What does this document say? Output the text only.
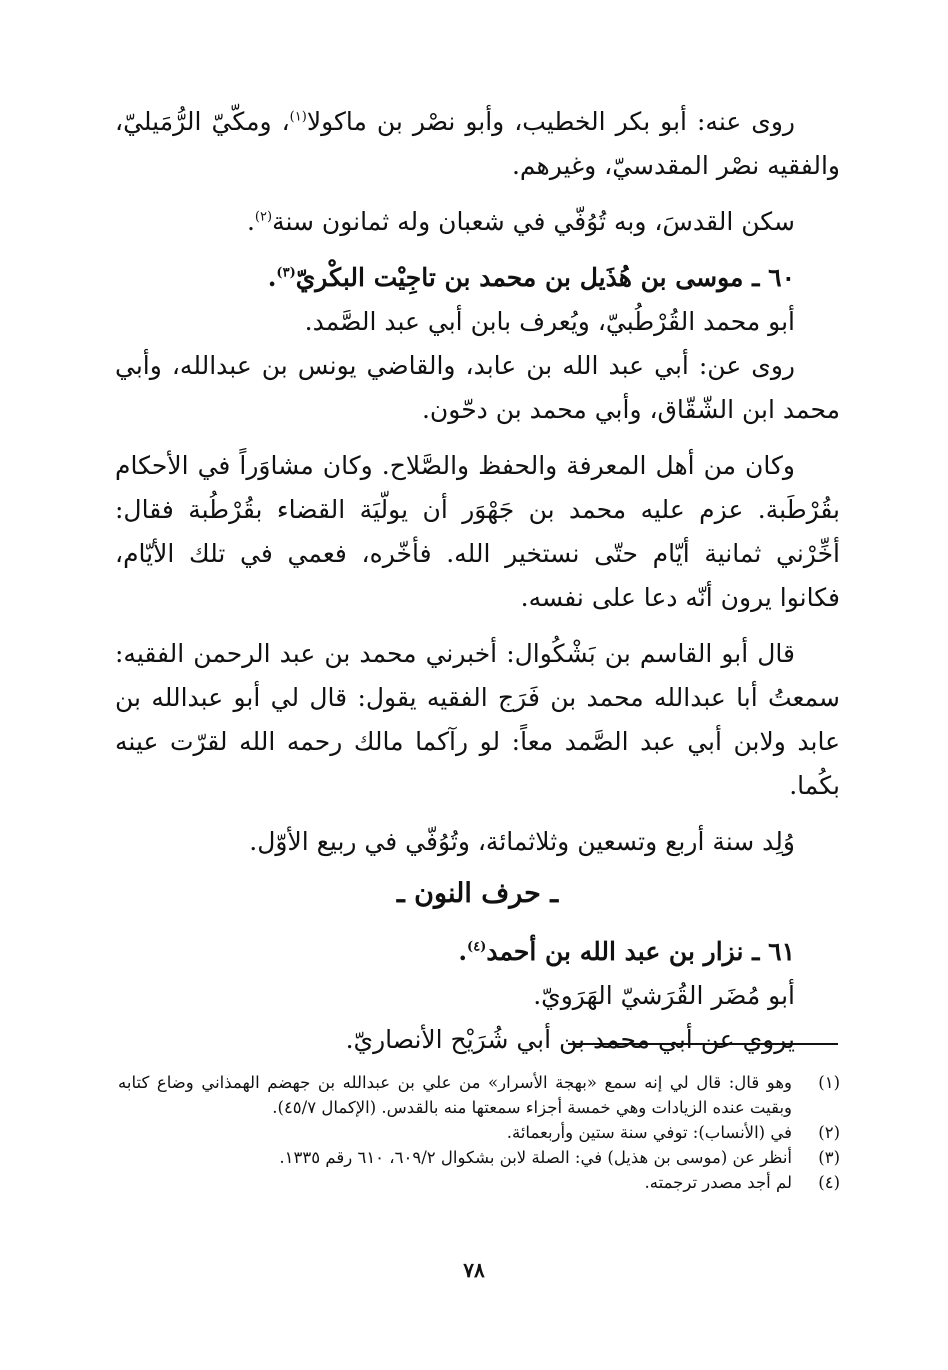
روى عنه: أبو بكر الخطيب، وأبو نصْر بن ماكولا$^{(١)}$، ومكّيّ الرُّمَيليّ، والفقيه نصْر المقدسيّ، وغيرهم.

سكن القدسَ، وبه تُوُفّي في شعبان وله ثمانون سنة$^{(٢)}$.

٦٠ ـ موسى بن هُذَيل بن محمد بن تاجِيْت البكْريّ$^{(٣)}$.

أبو محمد القُرْطُبيّ، ويُعرف بابن أبي عبد الصَّمد.

روى عن: أبي عبد الله بن عابد، والقاضي يونس بن عبدالله، وأبي محمد ابن الشّقّاق، وأبي محمد بن دحّون.

وكان من أهل المعرفة والحفظ والصَّلاح. وكان مشاوَراً في الأحكام بقُرْطَبة. عزم عليه محمد بن جَهْوَر أن يولّيَة القضاء بقُرْطُبة فقال: أخِّرْني ثمانية أيّام حتّى نستخير الله. فأخّره، فعمي في تلك الأيّام، فكانوا يرون أنّه دعا على نفسه.

قال أبو القاسم بن بَشْكُوال: أخبرني محمد بن عبد الرحمن الفقيه: سمعتُ أبا عبدالله محمد بن فَرَج الفقيه يقول: قال لي أبو عبدالله بن عابد ولابن أبي عبد الصَّمد معاً: لو رآكما مالك رحمه الله لقرّت عينه بكُما.

وُلِد سنة أربع وتسعين وثلاثمائة، وتُوُفّي في ربيع الأوّل.

ـ حرف النون ـ

٦١ ـ نزار بن عبد الله بن أحمد$^{(٤)}$.

أبو مُضَر القُرَشيّ الهَرَويّ.

يروي عن أبي محمد بن أبي شُرَيْح الأنصاريّ.

(١)
وهو قال: قال لي إنه سمع «بهجة الأسرار» من علي بن عبدالله بن جهضم الهمذاني وضاع كتابه وبقيت عنده الزيادات وهي خمسة أجزاء سمعتها منه بالقدس. (الإكمال ٤٥/٧).
(٢)
في (الأنساب): توفي سنة ستين وأربعمائة.
(٣)
أنظر عن (موسى بن هذيل) في: الصلة لابن بشكوال ٦٠٩/٢، ٦١٠ رقم ١٣٣٥.
(٤)
لم أجد مصدر ترجمته.
٧٨
